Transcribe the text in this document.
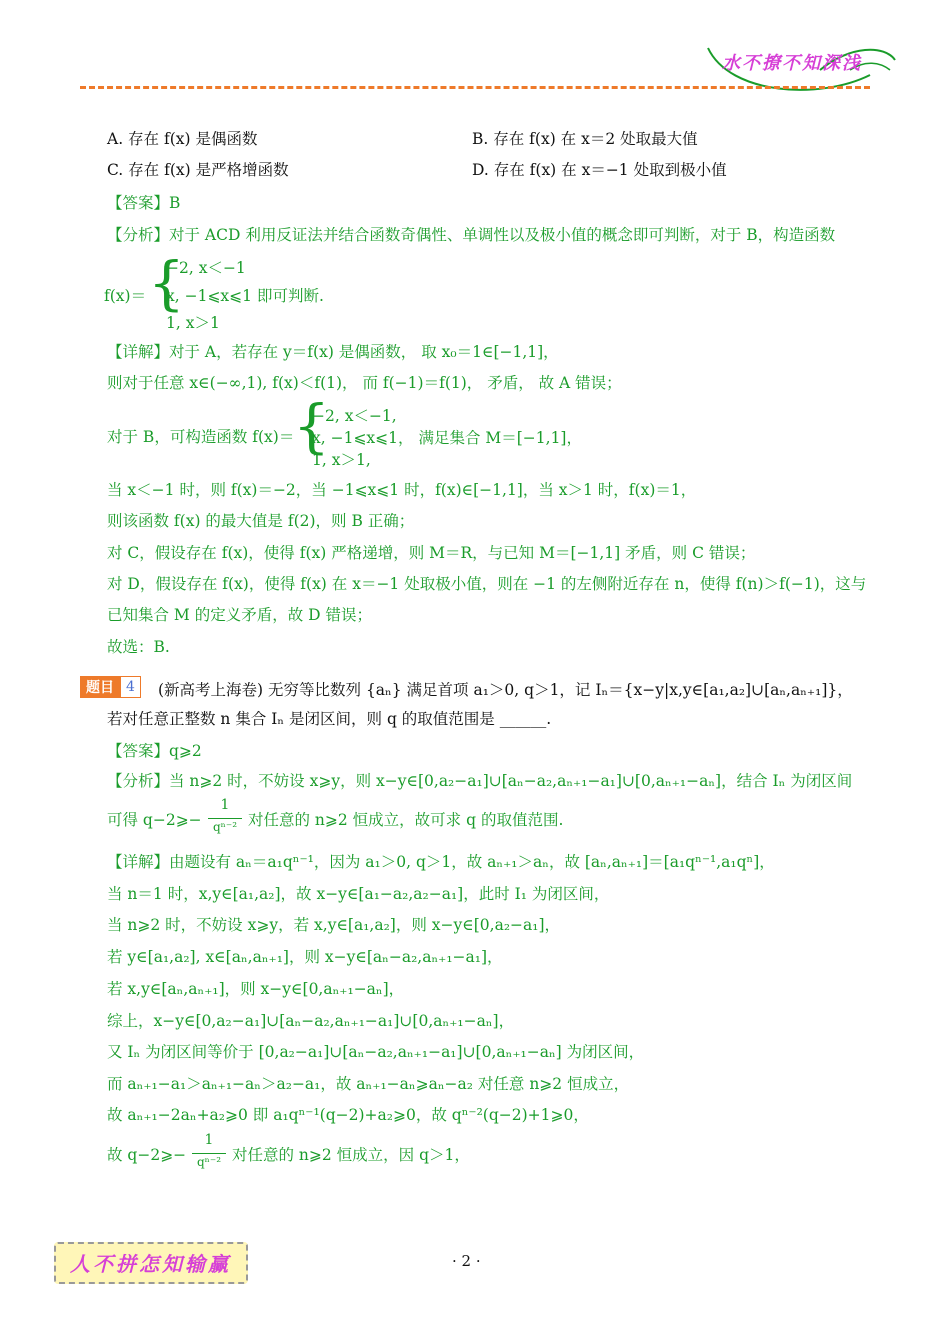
水不撩不知深浅
A. 存在 f(x) 是偶函数	B. 存在 f(x) 在 x＝2 处取最大值
C. 存在 f(x) 是严格增函数	D. 存在 f(x) 在 x＝−1 处取到极小值
【答案】B
【分析】对于 ACD 利用反证法并结合函数奇偶性、单调性以及极小值的概念即可判断，对于 B，构造函数
f(x)＝ {
−2, x＜−1
x, −1⩽x⩽1 即可判断.
1, x＞1
【详解】对于 A，若存在 y＝f(x) 是偶函数， 取 x₀＝1∈[−1,1]，
则对于任意 x∈(−∞,1), f(x)＜f(1)， 而 f(−1)＝f(1)， 矛盾， 故 A 错误；
对于 B，可构造函数 f(x)＝
{
−2, x＜−1,
x, −1⩽x⩽1， 满足集合 M＝[−1,1]，
1, x＞1,
当 x＜−1 时，则 f(x)＝−2，当 −1⩽x⩽1 时，f(x)∈[−1,1]，当 x＞1 时，f(x)＝1，
则该函数 f(x) 的最大值是 f(2)，则 B 正确；
对 C，假设存在 f(x)，使得 f(x) 严格递增，则 M＝R，与已知 M＝[−1,1] 矛盾，则 C 错误；
对 D，假设存在 f(x)，使得 f(x) 在 x＝−1 处取极小值，则在 −1 的左侧附近存在 n，使得 f(n)＞f(−1)，这与
已知集合 M 的定义矛盾，故 D 错误；
故选：B.
题目 4	(新高考上海卷) 无穷等比数列 {aₙ} 满足首项 a₁＞0, q＞1，记 Iₙ＝{x−y|x,y∈[a₁,a₂]∪[aₙ,aₙ₊₁]}，
若对任意正整数 n 集合 Iₙ 是闭区间，则 q 的取值范围是 ______.
【答案】q⩾2
【分析】当 n⩾2 时，不妨设 x⩾y，则 x−y∈[0,a₂−a₁]∪[aₙ−a₂,aₙ₊₁−a₁]∪[0,aₙ₊₁−aₙ]，结合 Iₙ 为闭区间
可得 q−2⩾−
1
qⁿ⁻² 对任意的 n⩾2 恒成立，故可求 q 的取值范围.
【详解】由题设有 aₙ＝a₁qⁿ⁻¹，因为 a₁＞0, q＞1，故 aₙ₊₁＞aₙ，故 [aₙ,aₙ₊₁]＝[a₁qⁿ⁻¹,a₁qⁿ]，
当 n＝1 时，x,y∈[a₁,a₂]，故 x−y∈[a₁−a₂,a₂−a₁]，此时 I₁ 为闭区间，
当 n⩾2 时，不妨设 x⩾y，若 x,y∈[a₁,a₂]，则 x−y∈[0,a₂−a₁]，
若 y∈[a₁,a₂], x∈[aₙ,aₙ₊₁]，则 x−y∈[aₙ−a₂,aₙ₊₁−a₁]，
若 x,y∈[aₙ,aₙ₊₁]，则 x−y∈[0,aₙ₊₁−aₙ]，
综上，x−y∈[0,a₂−a₁]∪[aₙ−a₂,aₙ₊₁−a₁]∪[0,aₙ₊₁−aₙ]，
又 Iₙ 为闭区间等价于 [0,a₂−a₁]∪[aₙ−a₂,aₙ₊₁−a₁]∪[0,aₙ₊₁−aₙ] 为闭区间，
而 aₙ₊₁−a₁＞aₙ₊₁−aₙ＞a₂−a₁，故 aₙ₊₁−aₙ⩾aₙ−a₂ 对任意 n⩾2 恒成立，
故 aₙ₊₁−2aₙ+a₂⩾0 即 a₁qⁿ⁻¹(q−2)+a₂⩾0，故 qⁿ⁻²(q−2)+1⩾0，
故 q−2⩾−
1
qⁿ⁻² 对任意的 n⩾2 恒成立，因 q＞1，
人不拼怎知输赢	· 2 ·
